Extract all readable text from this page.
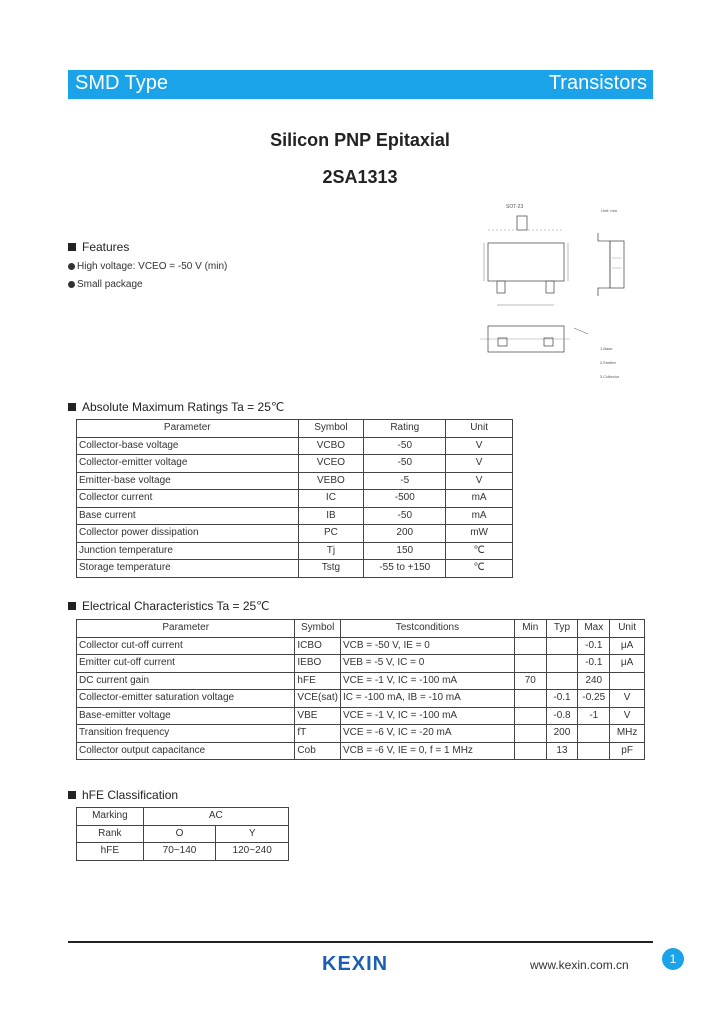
SMD Type	Transistors
Silicon PNP Epitaxial
2SA1313
SOT-23
Unit: mm
1.Base
2.Emitter
3.Collector
Features
High voltage: VCEO = -50 V (min)
Small package
Absolute Maximum Ratings Ta = 25℃
Parameter	Symbol	Rating	Unit
Collector-base voltage	VCBO	-50	V
Collector-emitter voltage	VCEO	-50	V
Emitter-base voltage	VEBO	-5	V
Collector current	IC	-500	mA
Base current	IB	-50	mA
Collector power dissipation	PC	200	mW
Junction temperature	Tj	150	℃
Storage temperature	Tstg	-55 to +150	℃
Electrical Characteristics Ta = 25℃
Parameter	Symbol	Testconditions	Min	Typ	Max	Unit
Collector cut-off current	ICBO	VCB = -50 V, IE = 0			-0.1	μA
Emitter cut-off current	IEBO	VEB = -5 V, IC = 0			-0.1	μA
DC current gain	hFE	VCE = -1 V, IC = -100 mA	70		240	
Collector-emitter saturation voltage	VCE(sat)	IC = -100 mA, IB = -10 mA		-0.1	-0.25	V
Base-emitter voltage	VBE	VCE = -1 V, IC = -100 mA		-0.8	-1	V
Transition frequency	fT	VCE = -6 V, IC = -20 mA		200		MHz
Collector output capacitance	Cob	VCB = -6 V, IE = 0, f = 1 MHz		13		pF
hFE Classification
Marking	AC	
Rank	O	Y
hFE	70~140	120~240
KEXIN	www.kexin.com.cn	1
